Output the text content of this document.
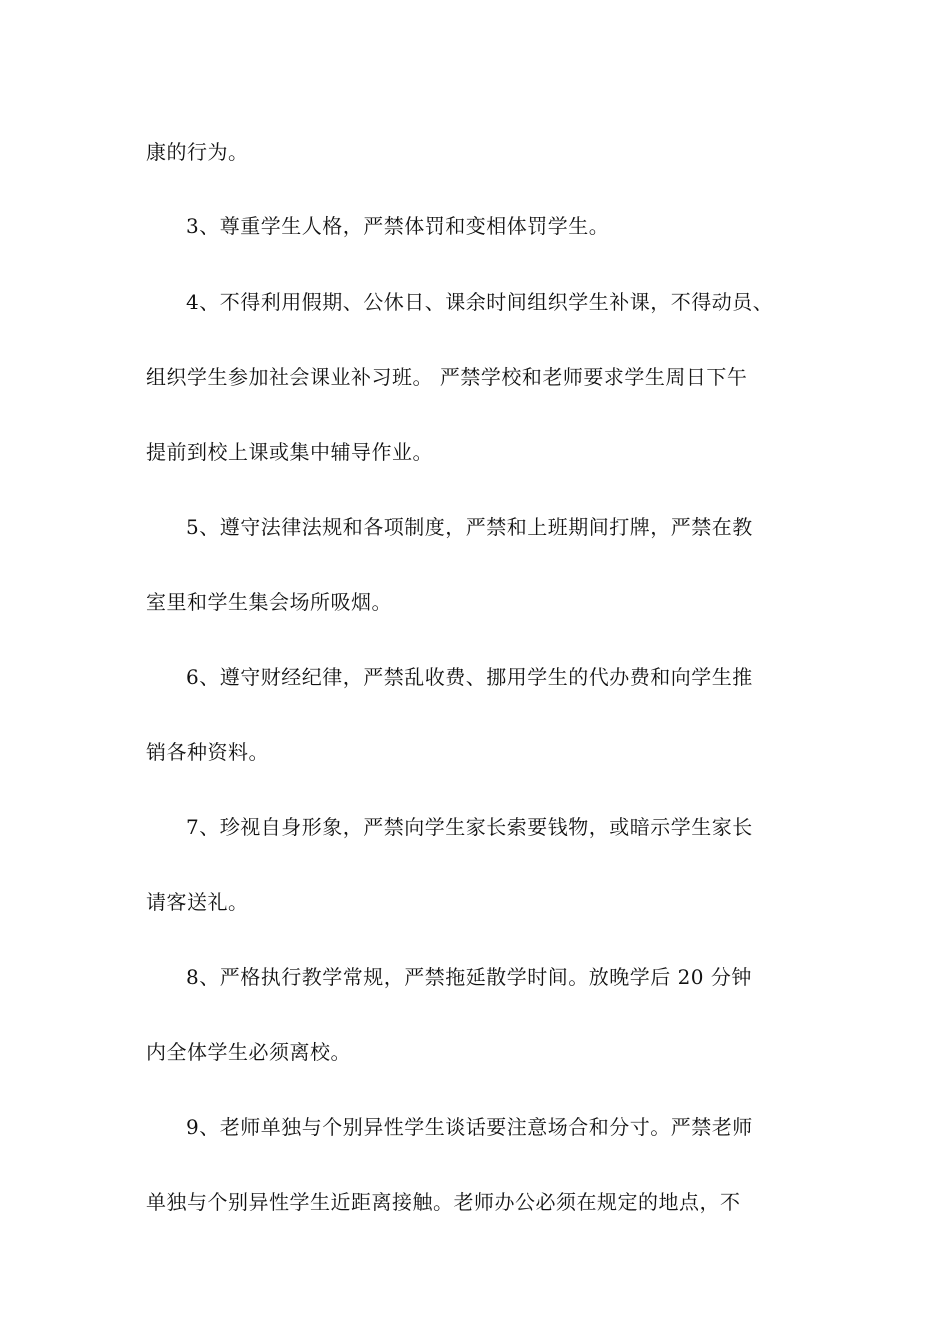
康的行为。
3、尊重学生人格，严禁体罚和变相体罚学生。
4、不得利用假期、公休日、课余时间组织学生补课，不得动员、
组织学生参加社会课业补习班。 严禁学校和老师要求学生周日下午
提前到校上课或集中辅导作业。
5、遵守法律法规和各项制度，严禁和上班期间打牌，严禁在教
室里和学生集会场所吸烟。
6、遵守财经纪律，严禁乱收费、挪用学生的代办费和向学生推
销各种资料。
7、珍视自身形象，严禁向学生家长索要钱物，或暗示学生家长
请客送礼。
8、严格执行教学常规，严禁拖延散学时间。放晚学后 20 分钟
内全体学生必须离校。
9、老师单独与个别异性学生谈话要注意场合和分寸。严禁老师
单独与个别异性学生近距离接触。老师办公必须在规定的地点，不
